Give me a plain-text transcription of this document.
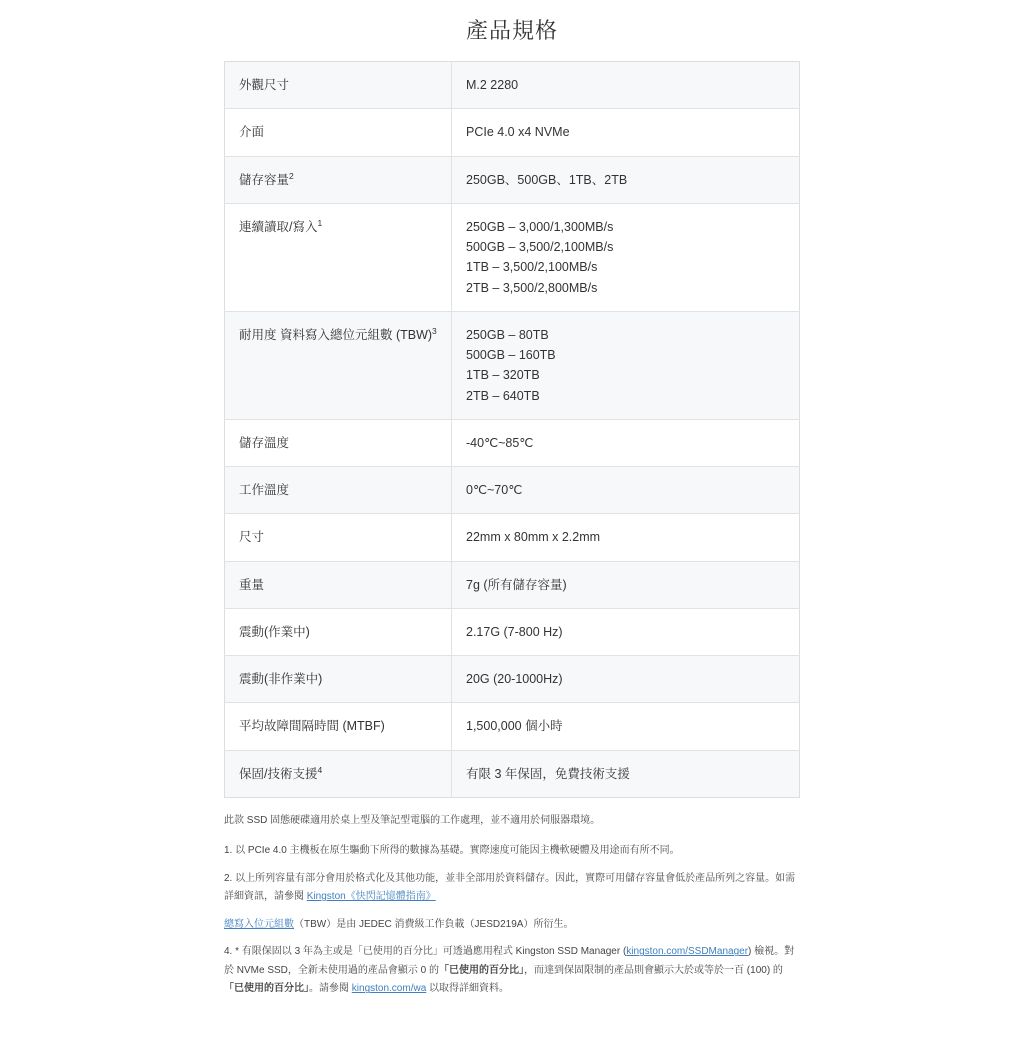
產品規格
外觀尺寸	M.2 2280

介面	PCIe 4.0 x4 NVMe

儲存容量$^2$	250GB、500GB、1TB、2TB

連續讀取/寫入$^1$	250GB – 3,000/1,300MB/s
500GB – 3,500/2,100MB/s
1TB – 3,500/2,100MB/s
2TB – 3,500/2,800MB/s

耐用度 資料寫入總位元組數 (TBW)$^3$	250GB – 80TB
500GB – 160TB
1TB – 320TB
2TB – 640TB

儲存溫度	-40℃~85℃

工作溫度	0℃~70℃

尺寸	22mm x 80mm x 2.2mm

重量	7g (所有儲存容量)

震動(作業中)	2.17G (7-800 Hz)

震動(非作業中)	20G (20-1000Hz)

平均故障間隔時間 (MTBF)	1,500,000 個小時

保固/技術支援$^4$	有限 3 年保固，免費技術支援
此款 SSD 固態硬碟適用於桌上型及筆記型電腦的工作處理，並不適用於伺服器環境。

1. 以 PCIe 4.0 主機板在原生驅動下所得的數據為基礎。實際速度可能因主機軟硬體及用途而有所不同。

2. 以上所列容量有部分會用於格式化及其他功能，並非全部用於資料儲存。因此，實際可用儲存容量會低於產品所列之容量。如需詳細資訊，請參閱 Kingston《快閃記憶體指南》

總寫入位元組數（TBW）是由 JEDEC 消費級工作負載（JESD219A）所衍生。

4. * 有限保固以 3 年為主或是「已使用的百分比」可透過應用程式 Kingston SSD Manager (kingston.com/SSDManager) 檢視。對於 NVMe SSD，全新未使用過的產品會顯示 0 的「已使用的百分比」，而達到保固限制的產品則會顯示大於或等於一百 (100) 的「已使用的百分比」。請參閱 kingston.com/wa 以取得詳細資料。
